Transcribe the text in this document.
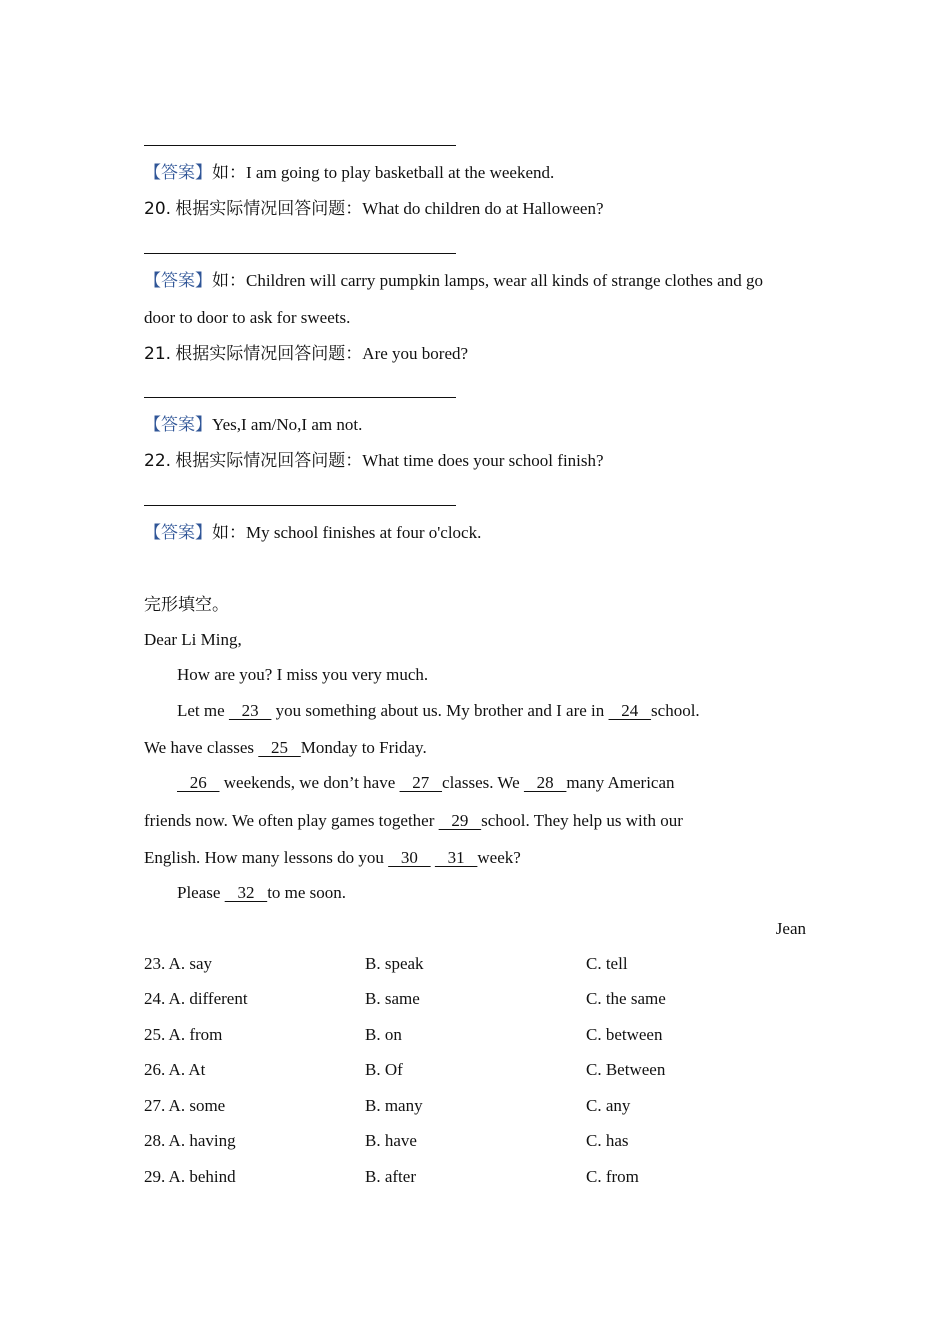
【答案】如：I am going to play basketball at the weekend.
20. 根据实际情况回答问题：What do children do at Halloween?
【答案】如：Children will carry pumpkin lamps, wear all kinds of strange clothes and go
door to door to ask for sweets.
21. 根据实际情况回答问题：Are you bored?
【答案】Yes,I am/No,I am not.
22. 根据实际情况回答问题：What time does your school finish?
【答案】如：My school finishes at four o'clock.
完形填空。
Dear Li Ming,
How are you? I miss you very much.
Let me    23    you something about us. My brother and I are in    24   school.
We have classes    25   Monday to Friday.
26    weekends, we don’t have    27   classes. We    28   many American
friends now. We often play games together    29   school. They help us with our
English. How many lessons do you    30       31   week?
Please    32   to me soon.
Jean
23. A. say	B. speak	C. tell
24. A. different	B. same	C. the same
25. A. from	B. on	C. between
26. A. At	B. Of	C. Between
27. A. some	B. many	C. any
28. A. having	B. have	C. has
29. A. behind	B. after	C. from
